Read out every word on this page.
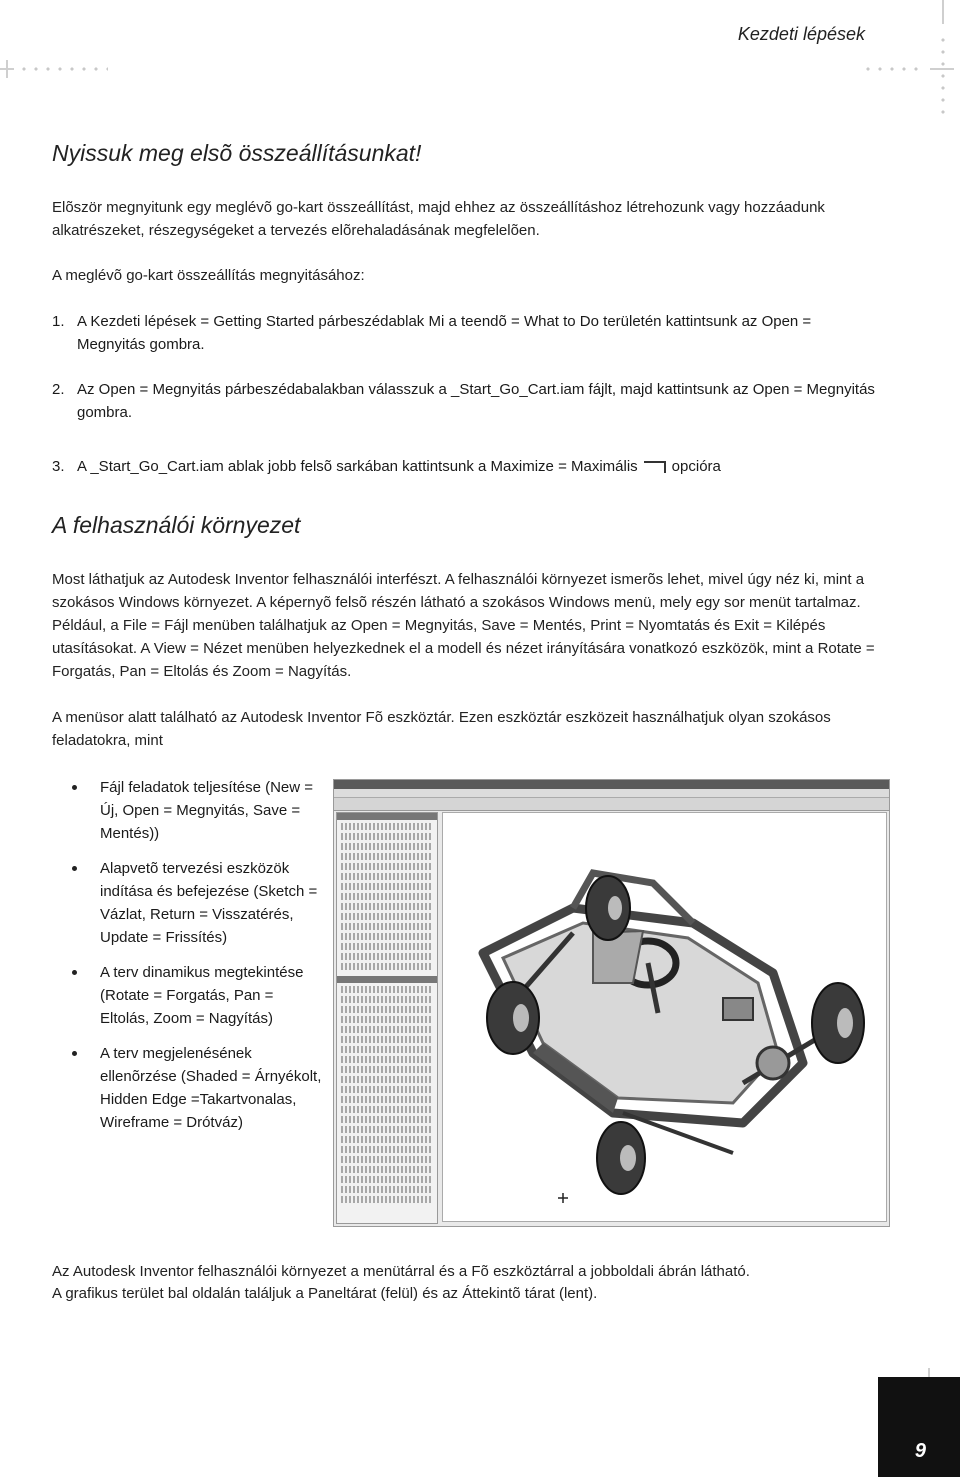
Kezdeti lépések
Nyissuk meg elsõ összeállításunkat!

Elõször megnyitunk egy meglévõ go-kart összeállítást, majd ehhez az összeállításhoz létrehozunk vagy hozzáadunk alkatrészeket, részegységeket a tervezés elõrehaladásának megfelelõen.

A meglévõ go-kart összeállítás megnyitásához:

1. A Kezdeti lépések = Getting Started párbeszédablak Mi a teendõ = What to Do területén kattintsunk az Open = Megnyitás gombra.
2. Az Open = Megnyitás párbeszédabalakban válasszuk a _Start_Go_Cart.iam fájlt, majd kattintsunk az Open = Megnyitás gombra.
3. A _Start_Go_Cart.iam ablak jobb felsõ sarkában kattintsunk a Maximize = Maximális opcióra
A felhasználói környezet

Most láthatjuk az Autodesk Inventor felhasználói interfészt. A felhasználói környezet ismerõs lehet, mivel úgy néz ki, mint a szokásos Windows környezet. A képernyõ felsõ részén látható a szokásos Windows menü, mely egy sor menüt tartalmaz. Például, a File = Fájl menüben találhatjuk az Open = Megnyitás, Save = Mentés, Print = Nyomtatás és Exit = Kilépés utasításokat. A View = Nézet menüben helyezkednek el a modell és nézet irányítására vonatkozó eszközök, mint a Rotate = Forgatás, Pan = Eltolás és Zoom = Nagyítás.

A menüsor alatt található az Autodesk Inventor Fõ eszköztár. Ezen eszköztár eszközeit használhatjuk olyan szokásos feladatokra, mint

Fájl feladatok teljesítése (New = Új, Open = Megnyitás, Save = Mentés))
Alapvetõ tervezési eszközök indítása és befejezése (Sketch = Vázlat, Return = Visszatérés, Update = Frissítés)
A terv dinamikus megtekintése (Rotate = Forgatás, Pan = Eltolás, Zoom = Nagyítás)
A terv megjelenésének ellenõrzése (Shaded = Árnyékolt, Hidden Edge =Takartvonalas, Wireframe = Drótváz)

Az Autodesk Inventor felhasználói környezet a menütárral és a Fõ eszköztárral a jobboldali ábrán látható.

A grafikus terület bal oldalán találjuk a Paneltárat (felül) és az Áttekintõ tárat (lent).

9
